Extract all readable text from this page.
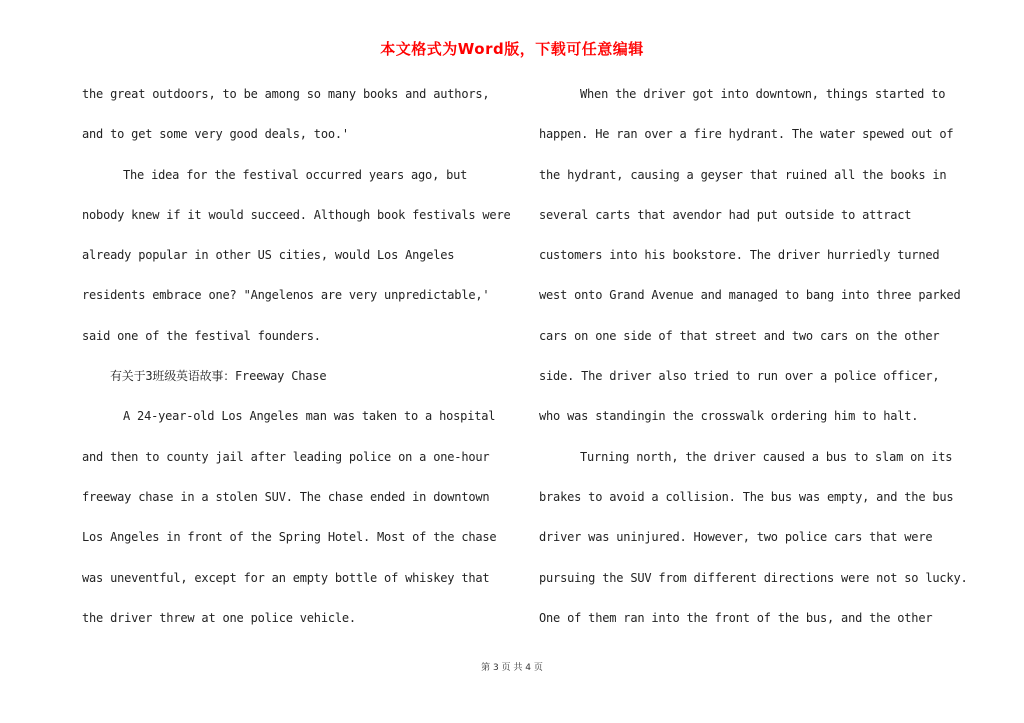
本文格式为Word版，下载可任意编辑
the great outdoors, to be among so many books and authors,
and to get some very good deals, too.'
The idea for the festival occurred years ago, but
nobody knew if it would succeed. Although book festivals were
already popular in other US cities, would Los Angeles
residents embrace one? "Angelenos are very unpredictable,'
said one of the festival founders.
有关于3班级英语故事：Freeway Chase
A 24-year-old Los Angeles man was taken to a hospital
and then to county jail after leading police on a one-hour
freeway chase in a stolen SUV. The chase ended in downtown
Los Angeles in front of the Spring Hotel. Most of the chase
was uneventful, except for an empty bottle of whiskey that
the driver threw at one police vehicle.
When the driver got into downtown, things started to
happen. He ran over a fire hydrant. The water spewed out of
the hydrant, causing a geyser that ruined all the books in
several carts that avendor had put outside to attract
customers into his bookstore. The driver hurriedly turned
west onto Grand Avenue and managed to bang into three parked
cars on one side of that street and two cars on the other
side. The driver also tried to run over a police officer,
who was standingin the crosswalk ordering him to halt.
Turning north, the driver caused a bus to slam on its
brakes to avoid a collision. The bus was empty, and the bus
driver was uninjured. However, two police cars that were
pursuing the SUV from different directions were not so lucky.
One of them ran into the front of the bus, and the other
第 3 页 共 4 页
